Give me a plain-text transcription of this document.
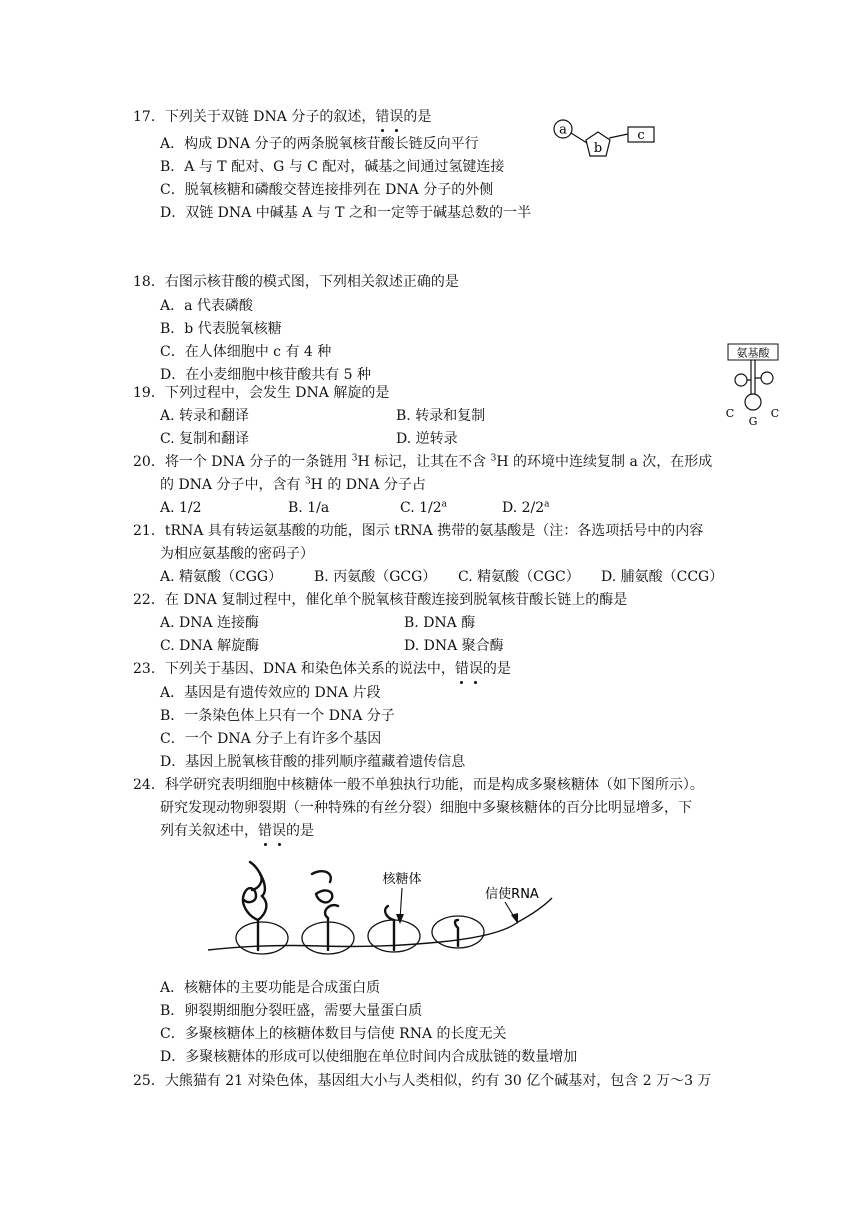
17．下列关于双链 DNA 分子的叙述，错误的是
A．构成 DNA 分子的两条脱氧核苷酸长链反向平行
B．A 与 T 配对、G 与 C 配对，碱基之间通过氢键连接
C．脱氧核糖和磷酸交替连接排列在 DNA 分子的外侧
D．双链 DNA 中碱基 A 与 T 之和一定等于碱基总数的一半
a
b
c
18．右图示核苷酸的模式图，下列相关叙述正确的是
A．a 代表磷酸
B．b 代表脱氧核糖
C．在人体细胞中 c 有 4 种
D．在小麦细胞中核苷酸共有 5 种
氨基酸
C
G
C
19．下列过程中，会发生 DNA 解旋的是
A. 转录和翻译	B. 转录和复制
C. 复制和翻译	D. 逆转录
20．将一个 DNA 分子的一条链用 $^3$H 标记，让其在不含 $^3$H 的环境中连续复制 a 次，在形成
的 DNA 分子中，含有 $^3$H 的 DNA 分子占
A. 1/2	B. 1/a	C. 1/2$^a$	D. 2/2$^a$
21．tRNA 具有转运氨基酸的功能，图示 tRNA 携带的氨基酸是（注：各选项括号中的内容
为相应氨基酸的密码子）
A. 精氨酸（CGG） B. 丙氨酸（GCG） C. 精氨酸（CGC） D. 脯氨酸（CCG）
22．在 DNA 复制过程中，催化单个脱氧核苷酸连接到脱氧核苷酸长链上的酶是
A. DNA 连接酶	B. DNA 酶
C. DNA 解旋酶	D. DNA 聚合酶
23．下列关于基因、DNA 和染色体关系的说法中，错误的是
A．基因是有遗传效应的 DNA 片段
B．一条染色体上只有一个 DNA 分子
C．一个 DNA 分子上有许多个基因
D．基因上脱氧核苷酸的排列顺序蕴藏着遗传信息
24．科学研究表明细胞中核糖体一般不单独执行功能，而是构成多聚核糖体（如下图所示）。
研究发现动物卵裂期（一种特殊的有丝分裂）细胞中多聚核糖体的百分比明显增多，下
列有关叙述中，错误的是
核糖体
信使RNA
A．核糖体的主要功能是合成蛋白质
B．卵裂期细胞分裂旺盛，需要大量蛋白质
C．多聚核糖体上的核糖体数目与信使 RNA 的长度无关
D．多聚核糖体的形成可以使细胞在单位时间内合成肽链的数量增加
25．大熊猫有 21 对染色体，基因组大小与人类相似，约有 30 亿个碱基对，包含 2 万～3 万
